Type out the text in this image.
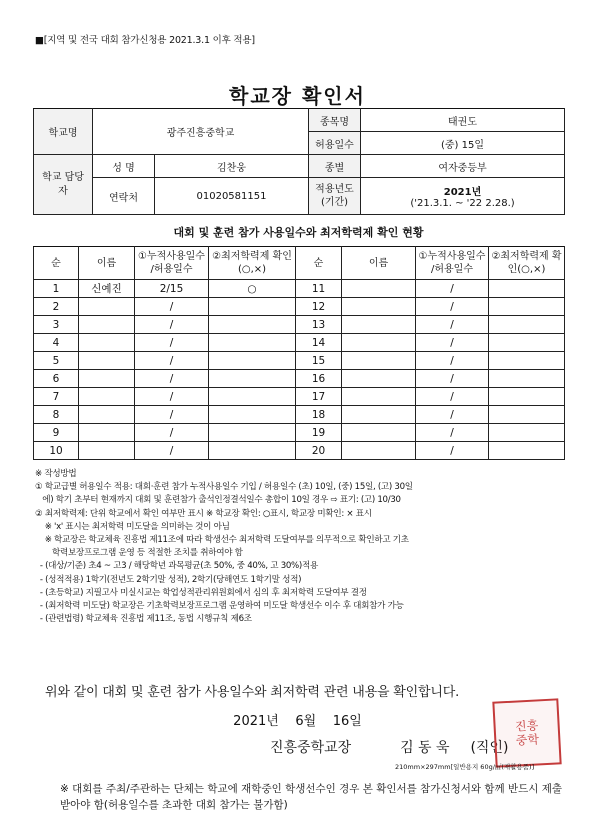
■[지역 및 전국 대회 참가신청용 2021.3.1 이후 적용]
학교장 확인서
학교명	광주진흥중학교		종목명	태권도
			허용일수	(중) 15일
학교 담당자	성 명	김찬웅	종별	여자중등부
	연락처	01020581151	적용년도 (기간)	2021년
('21.3.1. ~ '22 2.28.)
대회 및 훈련 참가 사용일수와 최저학력제 확인 현황
순	이름	①누적사용일수 /허용일수	②최저학력제 확인(○,×)	순	이름	①누적사용일수 /허용일수	②최저학력제 확인(○,×)
1	신예진	2/15	○	11		/	
2		/		12		/	
3		/		13		/	
4		/		14		/	
5		/		15		/	
6		/		16		/	
7		/		17		/	
8		/		18		/	
9		/		19		/	
10		/		20		/	
※ 작성방법
① 학교급별 허용일수 적용: 대회·훈련 참가 누적사용일수 기입 / 허용일수 (초) 10일, (중) 15일, (고) 30일
에) 학기 초부터 현재까지 대회 및 훈련참가 출석인정결석일수 총합이 10일 경우 ⇨ 표기: (고) 10/30
② 최저학력제: 단위 학교에서 확인 여부만 표시 ※ 학교장 확인: ○표시, 학교장 미확인: × 표시
※ 'x' 표시는 최저학력 미도달을 의미하는 것이 아님
※ 학교장은 학교체육 진흥법 제11조에 따라 학생선수 최저학력 도달여부를 의무적으로 확인하고 기초
학력보장프로그램 운영 등 적절한 조치를 취하여야 함
- (대상/기준) 초4 ~ 고3 / 해당학년 과목평균(초 50%, 중 40%, 고 30%)적용
- (성적적용) 1학기(전년도 2학기말 성적), 2학기(당해연도 1학기말 성적)
- (초등학교) 지필고사 미실시교는 학업성적관리위원회에서 심의 후 최저학력 도달여부 결정
- (최저학력 미도달) 학교장은 기초학력보장프로그램 운영하여 미도달 학생선수 이수 후 대회참가 가능
- (관련법령) 학교체육 진흥법 제11조, 동법 시행규칙 제6조
위와 같이 대회 및 훈련 참가 사용일수와 최저학력 관련 내용을 확인합니다.
2021년    6월    16일
진흥중학교장	김 동 욱 (직인)
진흥
중학
210mm×297mm[일반용지 60g/㎡(재활용품)]
※ 대회를 주최/주관하는 단체는 학교에 재학중인 학생선수인 경우 본 확인서를 참가신청서와 함께 반드시 제출받아야 함(허용일수를 초과한 대회 참가는 불가함)
